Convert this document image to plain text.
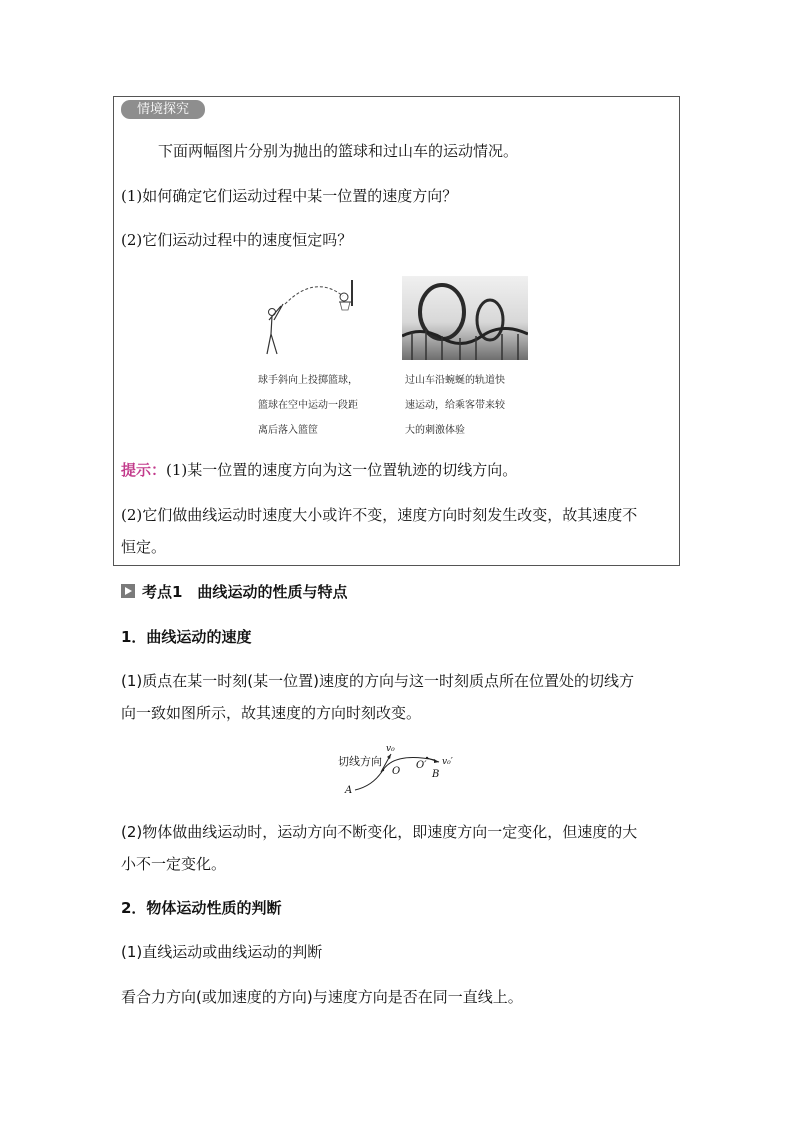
情境探究
下面两幅图片分别为抛出的篮球和过山车的运动情况。
(1)如何确定它们运动过程中某一位置的速度方向？
(2)它们运动过程中的速度恒定吗？
球手斜向上投掷篮球，
篮球在空中运动一段距
离后落入篮筐
过山车沿蜿蜒的轨道快
速运动，给乘客带来较
大的刺激体验
提示：(1)某一位置的速度方向为这一位置轨迹的切线方向。
(2)它们做曲线运动时速度大小或许不变，速度方向时刻发生改变，故其速度不
恒定。
考点1　曲线运动的性质与特点
1．曲线运动的速度
(1)质点在某一时刻(某一位置)速度的方向与这一时刻质点所在位置处的切线方
向一致如图所示，故其速度的方向时刻改变。
切线方向
v₀
O
O′ v₀′
A
B
(2)物体做曲线运动时，运动方向不断变化，即速度方向一定变化，但速度的大
小不一定变化。
2．物体运动性质的判断
(1)直线运动或曲线运动的判断
看合力方向(或加速度的方向)与速度方向是否在同一直线上。
